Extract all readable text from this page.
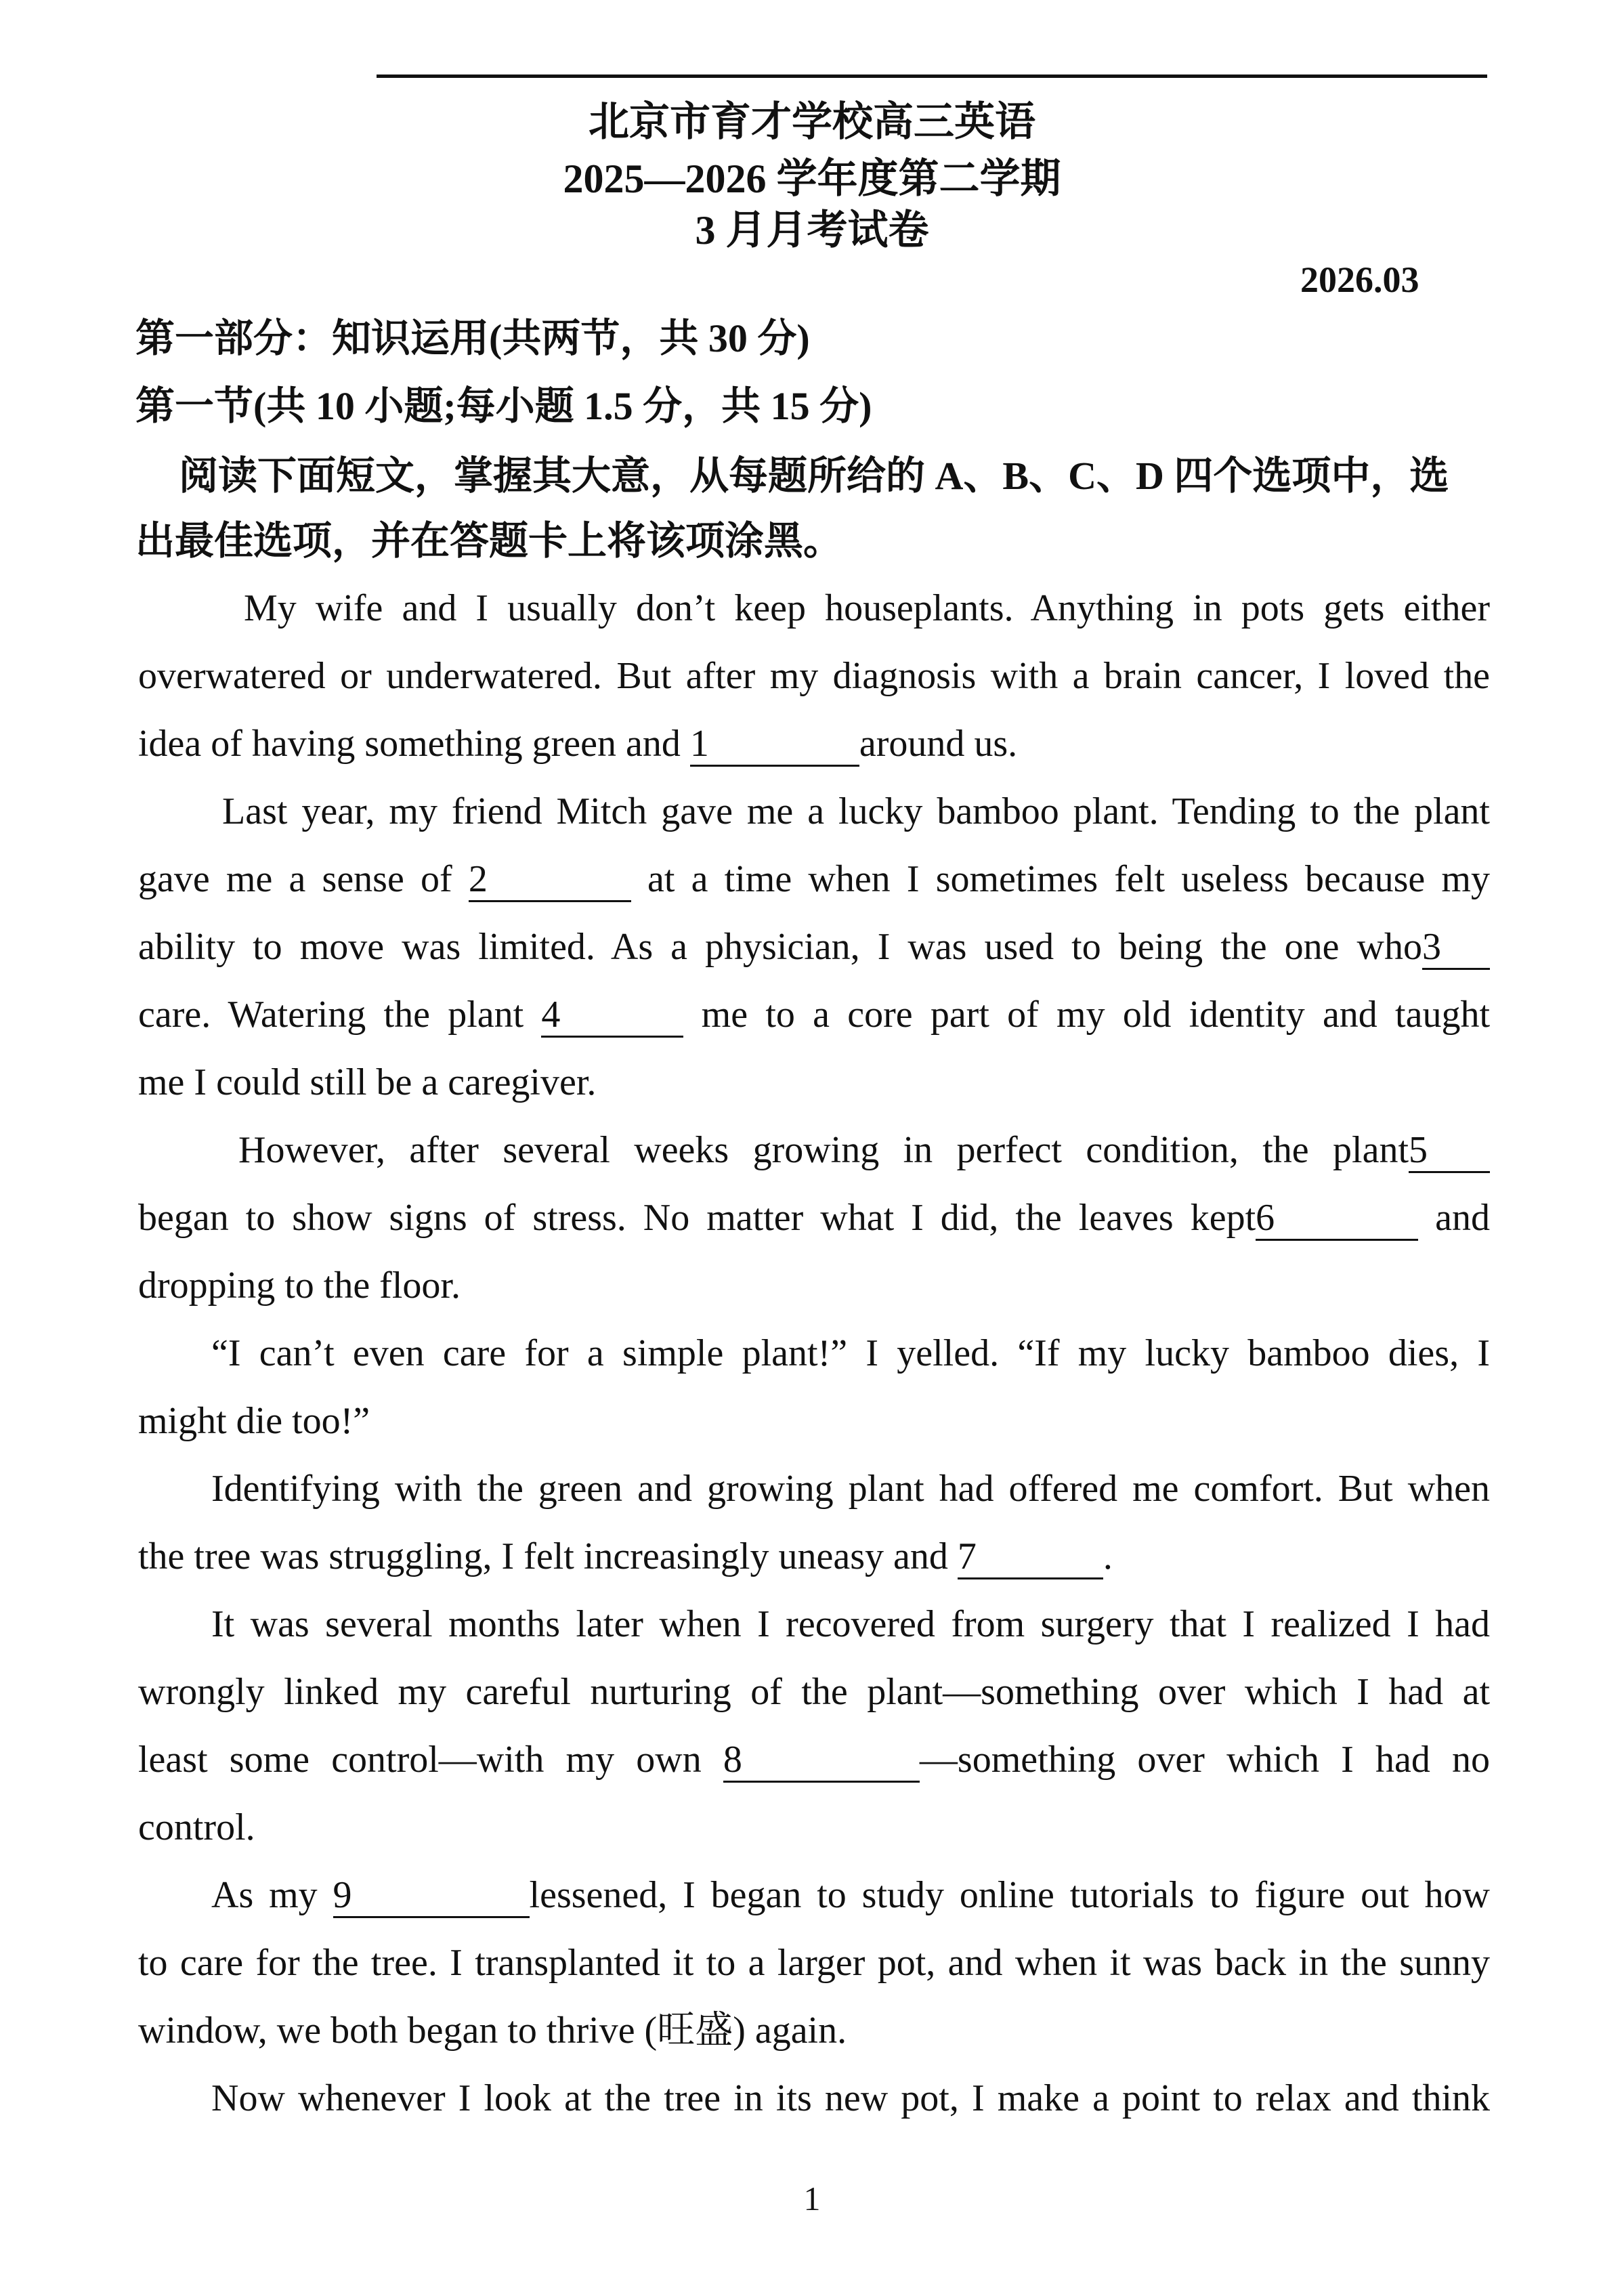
北京市育才学校高三英语
2025—2026 学年度第二学期
3 月月考试卷
2026.03
第一部分：知识运用(共两节，共 30 分)
第一节(共 10 小题;每小题 1.5 分，共 15 分)
阅读下面短文，掌握其大意，从每题所给的 A、B、C、D 四个选项中，选
出最佳选项，并在答题卡上将该项涂黑。
My wife and I usually don’t keep houseplants. Anything in pots gets either
overwatered or underwatered. But after my diagnosis with a brain cancer, I loved the
idea of having something green and 1	around us.
Last year, my friend Mitch gave me a lucky bamboo plant. Tending to the plant
gave me a sense of 2	at a time when I sometimes felt useless because my
ability to move was limited. As a physician, I was used to being the one who3
care. Watering the plant 4	me to a core part of my old identity and taught
me I could still be a caregiver.
However, after several weeks growing in perfect condition, the plant5
began to show signs of stress. No matter what I did, the leaves kept6	and
dropping to the floor.
“I can’t even care for a simple plant!” I yelled. “If my lucky bamboo dies, I
might die too!”
Identifying with the green and growing plant had offered me comfort. But when
the tree was struggling, I felt increasingly uneasy and 7	.
It was several months later when I recovered from surgery that I realized I had
wrongly linked my careful nurturing of the plant—something over which I had at
least some control—with my own 8	—something over which I had no
control.
As my 9	lessened, I began to study online tutorials to figure out how
to care for the tree. I transplanted it to a larger pot, and when it was back in the sunny
window, we both began to thrive (旺盛) again.
Now whenever I look at the tree in its new pot, I make a point to relax and think
1
